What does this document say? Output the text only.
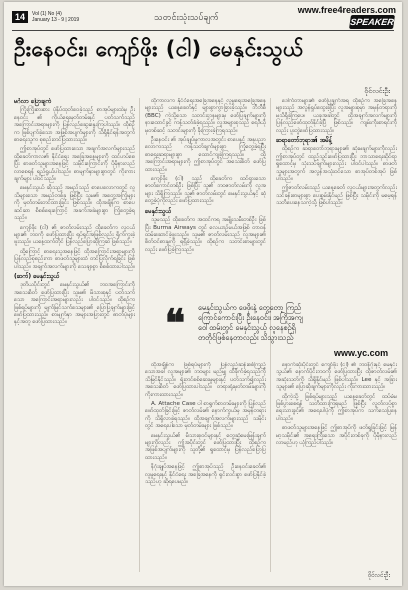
www.free4readers.com
14	Vol (1) No (4)
January 13 - 9 | 2019	သတင်းသုံးသပ်ချက်	SPEAKER
ဦးနေဝင်း၊ ကျော်ဖိုး (ငါ) မေနှင်းသွယ်
ဝိုင်လင်းဦး

မင်္ဂလာ ပြောချက်

ကြိုးကြိုးစားစား ပုံနှိပ်ထုတ်ဝေခဲ့သည့် စာအုပ်များထဲမှ ဦးနေဝင်း ၏ ကိုယ်ရေးမှတ်တမ်းနှင့် ပတ်သက်သည့် အကြောင်းအရာများကို ပြန်လည်ဆွေးနွေးကြပါသည်။ ထိုစဉ်က ဖြစ်ပျက်ခဲ့သော အဖြစ်အပျက်များကို သိရှိနိုင်ရန်အတွက် စာရေးသူက စုစည်းတင်ပြထားသည်။

ဤစာအုပ်တွင် ဖော်ပြထားသော အချက်အလက်များသည် ထိုခေတ်ကာလ၏ နိုင်ငံရေး အခြေအနေများကို ထင်ဟပ်စေပြီး စာဖတ်သူများအနေဖြင့် သမိုင်းကြောင်းကို ပိုမိုနားလည်လာစေရန် ရည်ရွယ်ပါသည်။ စာမျက်နှာများစွာတွင် ကိုးကားချက်များ ပါဝင်သည်။

မေနှင်းသွယ် ဆိုသည့် အမည်သည် စာပေလောကတွင် လူသိများသော အမည်တစ်ခု ဖြစ်ပြီး သူမ၏ အတွေ့အကြုံများကို မှတ်တမ်းတင်ထားခြင်း ဖြစ်သည်။ ထိုအချိန်က စာပေဆင်ဆာ စိစစ်ရေးကြောင့် အခက်အခဲများစွာ ကြုံတွေ့ခဲ့ရသည်။

ကျော်ဖိုး (ငါ) ၏ ဇာတ်လမ်းသည် ထိုခေတ်က လူငယ်များ၏ ဘဝကို ဖော်ပြထားပြီး ရုပ်ရှင်အဖြစ်လည်း ရိုက်ကူးခဲ့ဖူးသည်။ ယနေ့ထက်တိုင် ပြန်လည်ပြောဆိုကြဆဲ ဖြစ်သည်။

ထို့ကြောင့် စာရေးသူအနေဖြင့် ထိုအကြောင်းအရာများကို ပြန်လည်စုစည်းကာ စာဖတ်သူများထံ တင်ပြလိုက်ရခြင်း ဖြစ်ပါသည်။ အချက်အလက်များကို သေချာစွာ စိစစ်ထားပါသည်။

(ဆက်) မေနှင်းသွယ်

ဒုတိယပိုင်းတွင် မေနှင်းသွယ်၏ ဘဝအကြောင်းကို အသေးစိတ် ဖော်ပြထားပြီး သူမ၏ မိသားစုနှင့် ပတ်သက်သော အကြောင်းအရာများလည်း ပါဝင်သည်။ ထိုစဉ်က ဖြစ်ရပ်များကို မျက်မြင်သက်သေများ၏ ပြောပြချက်များဖြင့် ဖော်ပြထားသည်။ စာမျက်နှာ အများအပြားတွင် ဓာတ်ပုံများနှင့်အတူ ဖော်ပြထားသည်။

ထိုကာလက နိုင်ငံရေးအခြေအနေနှင့် လူမှုရေးအခြေအနေများသည် ယနေ့ခေတ်နှင့် များစွာကွာခြားခဲ့သည်။ ဘီဘီစီ (BBC) ကဲ့သို့သော သတင်းဌာနများမှ ဖော်ပြချက်များကို နားထောင်ခွင့် ကန့်သတ်ခံခဲ့ရသည်။ လူအများစုသည် ရေဒီယိုမှတစ်ဆင့် သတင်းများကို ခိုးကြားခဲ့ကြရသည်။

ဦးနေဝင်း ၏ အုပ်ချုပ်မှုကာလအတွင်း စာပေနှင့် အနုပညာ လောကသည် ကန့်သတ်ချက်များစွာ ကြုံတွေ့ခဲ့ရပြီး စာရေးဆရာများစွာ ထောင်ကျခဲ့ကြရသည်။ ထိုအကြောင်းအရာများကို ဤစာအုပ်တွင် အသေးစိတ် ဖော်ပြထားသည်။

ကျော်ဖိုး (ငါ) သည် ထိုခေတ်က ထင်ရှားသော ဇာတ်ကောင်တစ်ဦး ဖြစ်ပြီး သူ၏ ဘဝဇာတ်လမ်းကို လူအများ သိရှိကြသည်။ သူ၏ ဇာတ်လမ်းတွင် မေနှင်းသွယ်နှင့် ဆုံတွေ့ခဲ့ပုံကိုလည်း ဖော်ပြထားသည်။

မေနှင်းသွယ်

သူမသည် ထိုခေတ်က အထင်ကရ အမျိုးသမီးတစ်ဦး ဖြစ်ပြီး Burma Airways တွင် လေယာဉ်မယ်အဖြစ် တာဝန်ထမ်းဆောင်ခဲ့ဖူးသည်။ သူမ၏ ဇာတ်လမ်းသည် လူအများ၏ စိတ်ဝင်စားမှုကို ရရှိခဲ့သည်။ ထိုစဉ်က သတင်းစာများတွင်လည်း ဖော်ပြခဲ့ကြသည်။

ဒေါက်တာများ၏ ဖော်ပြချက်အရ ထိုစဉ်က အခြေအနေများသည် အလွန်ရှုပ်ထွေးခဲ့ပြီး လူအများစုမှာ အမှန်တရားကို မသိရှိခဲ့ကြပေ။ ယခုအခါတွင် ထိုအချက်အလက်များကို ပြန်လည်ဖော်ထုတ်နိုင်ခဲ့ပြီ ဖြစ်သည်။ ကျမ်းကိုးစာရင်းကိုလည်း ပူးတွဲဖော်ပြထားသည်။

ဆရာတော်ဘုရား၏ အမိန့်

ထိုစဉ်က ဆရာတော်ဘုရားများ၏ ဆုံးမချက်များကိုလည်း ဤစာအုပ်တွင် ထည့်သွင်းဖော်ပြထားပြီး ဘာသာရေးဆိုင်ရာ ရှုထောင့်မှ သုံးသပ်ချက်များလည်း ပါဝင်ပါသည်။ စာဖတ်သူများအတွက် အလွန်အသုံးဝင်သော စာအုပ်တစ်အုပ် ဖြစ်ပါသည်။

ဤဇာတ်လမ်းသည် ယနေ့ခေတ် လူငယ်များအတွက်လည်း သင်ခန်းစာများစွာ ပေးစွမ်းနိုင်မည် ဖြစ်ပြီး သမိုင်းကို မမေ့ရန် သတိပေးနေသကဲ့သို့ ဖြစ်ပါသည်။

ထိုအချိန်က ဖြစ်ရပ်များကို ပြန်လည်ဆန်းစစ်ကြည့်သောအခါ လူအများ၏ ဘဝများ မည်မျှ ထိခိုက်ခဲ့ရသည်ကို သိမြင်နိုင်သည်။ ရုံးတင်စစ်ဆေးမှုများနှင့် ပတ်သက်၍လည်း အသေးစိတ် ဖော်ပြထားပါသည်။ တရားရုံးမှတ်တမ်းများကို ကိုးကားထားသည်။

A. Attache Case ပါ စာရွက်စာတမ်းများကို ပြန်လည်ဖော်ထုတ်ခြင်းဖြင့် ဇာတ်လမ်း၏ နောက်ကွယ်မှ အမှန်တရားကို သိရှိလာခဲ့ရသည်။ ထိုအချက်အလက်များသည် သမိုင်းတွင် အရေးပါသော မှတ်တမ်းများ ဖြစ်သည်။

မေနှင်းသွယ်၏ မိသားစုဝင်များနှင့် တွေ့ဆုံမေးမြန်းချက်များကိုလည်း ဤအပိုင်းတွင် ဖော်ပြထားပြီး ထိုစဉ်က အဖြစ်အပျက်များကို သူတို့၏ ရှုထောင့်မှ ပြန်လည်ပြောပြထားသည်။

နိဂုံးချုပ်အနေဖြင့် ဤစာအုပ်သည် ဦးနေဝင်းခေတ်၏ လူမှုရေးနှင့် နိုင်ငံရေး အခြေအနေကို ရှင်းလင်းစွာ ဖော်ပြနိုင်ခဲ့သည်ဟု ဆိုရပေမည်။

နောက်ဆုံးပိုင်းတွင် ကျော်ဖိုး (ငါ) ၏ ဘဝနိဂုံးနှင့် မေနှင်းသွယ်၏ နောက်ပိုင်းဘဝကို ဖော်ပြထားပြီး ထိုဇာတ်လမ်း၏ အဆုံးသတ်ကို သိရှိနိုင်မည် ဖြစ်ပါသည်။ Lee နှင့် အခြားသူများ၏ ပြောဆိုချက်များကိုလည်း ကိုးကားထားသည်။

ထိုကဲ့သို့ ဖြစ်ရပ်များသည် ယနေ့ခေတ်တွင် ထပ်မံမဖြစ်ပွားစေရန် သတိထားကြရမည် ဖြစ်ပြီး လွတ်လပ်စွာ ရေးသားခွင့်၏ အရေးပါပုံကို ဤစာအုပ်က သက်သေပြနေပါသည်။

စာဖတ်သူများအနေဖြင့် ဤစာအုပ်ကို ဖတ်ရှုခြင်းဖြင့် မြန်မာ့သမိုင်း၏ အရေးကြီးသော အပိုင်းတစ်ခုကို ပိုမိုနားလည်လာမည်ဟု ယုံကြည်ပါသည်။

❝	မေနှင်းသွယ်က ဖေဖိုးနဲ့ တွေ့တော့ ကြည်
ကြောင်ကောင်းပြီး ဦးနေဝင်း၊ အကြိုအကျ
ဝေါ်ထမ်းတွင် မေနှင်းသွယ့် လူနေစဉ်ရှိ
တတိုင်ဖြစ်နေတာလည်း သိသွားသည်
www.yc.com
ဝိုင်လင်းဦး
